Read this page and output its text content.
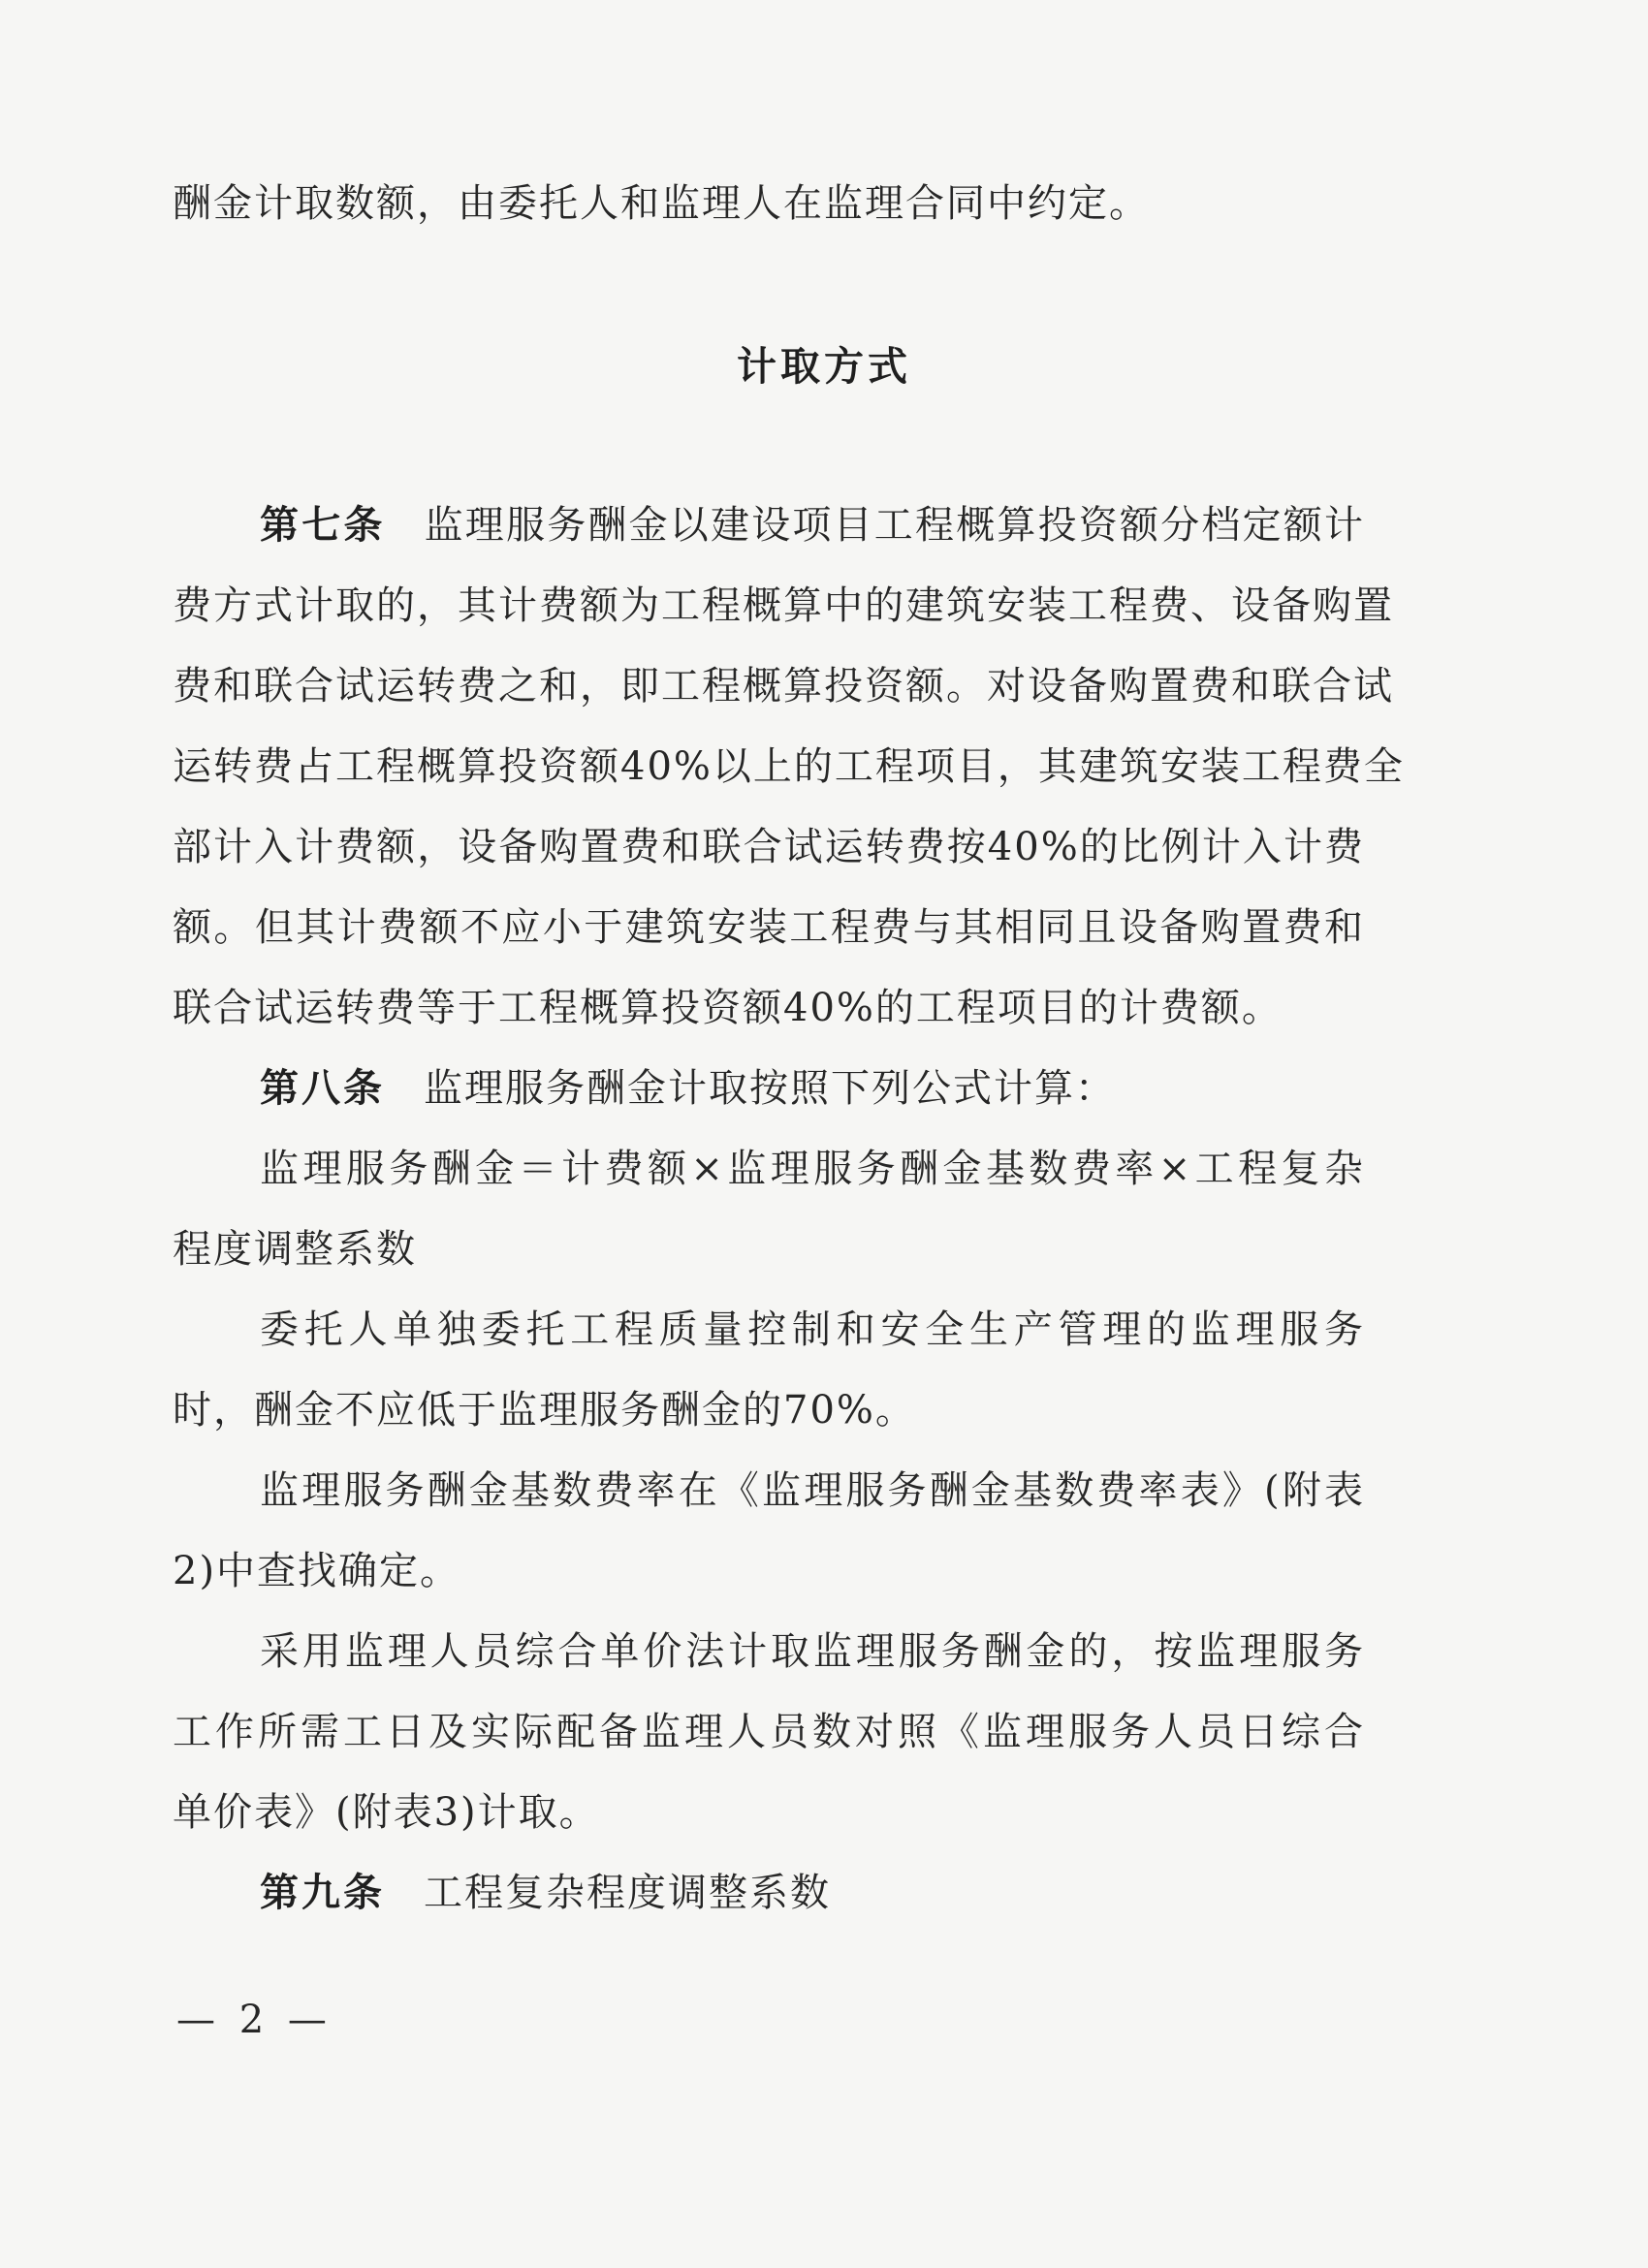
酬金计取数额，由委托人和监理人在监理合同中约定。
计取方式
第七条 监理服务酬金以建设项目工程概算投资额分档定额计
费方式计取的，其计费额为工程概算中的建筑安装工程费、设备购置
费和联合试运转费之和，即工程概算投资额。对设备购置费和联合试
运转费占工程概算投资额40%以上的工程项目，其建筑安装工程费全
部计入计费额，设备购置费和联合试运转费按40%的比例计入计费
额。但其计费额不应小于建筑安装工程费与其相同且设备购置费和
联合试运转费等于工程概算投资额40%的工程项目的计费额。
第八条 监理服务酬金计取按照下列公式计算：
监理服务酬金＝计费额×监理服务酬金基数费率×工程复杂
程度调整系数
委托人单独委托工程质量控制和安全生产管理的监理服务
时，酬金不应低于监理服务酬金的70%。
监理服务酬金基数费率在《监理服务酬金基数费率表》(附表
2)中查找确定。
采用监理人员综合单价法计取监理服务酬金的，按监理服务
工作所需工日及实际配备监理人员数对照《监理服务人员日综合
单价表》(附表3)计取。
第九条 工程复杂程度调整系数
— 2 —
